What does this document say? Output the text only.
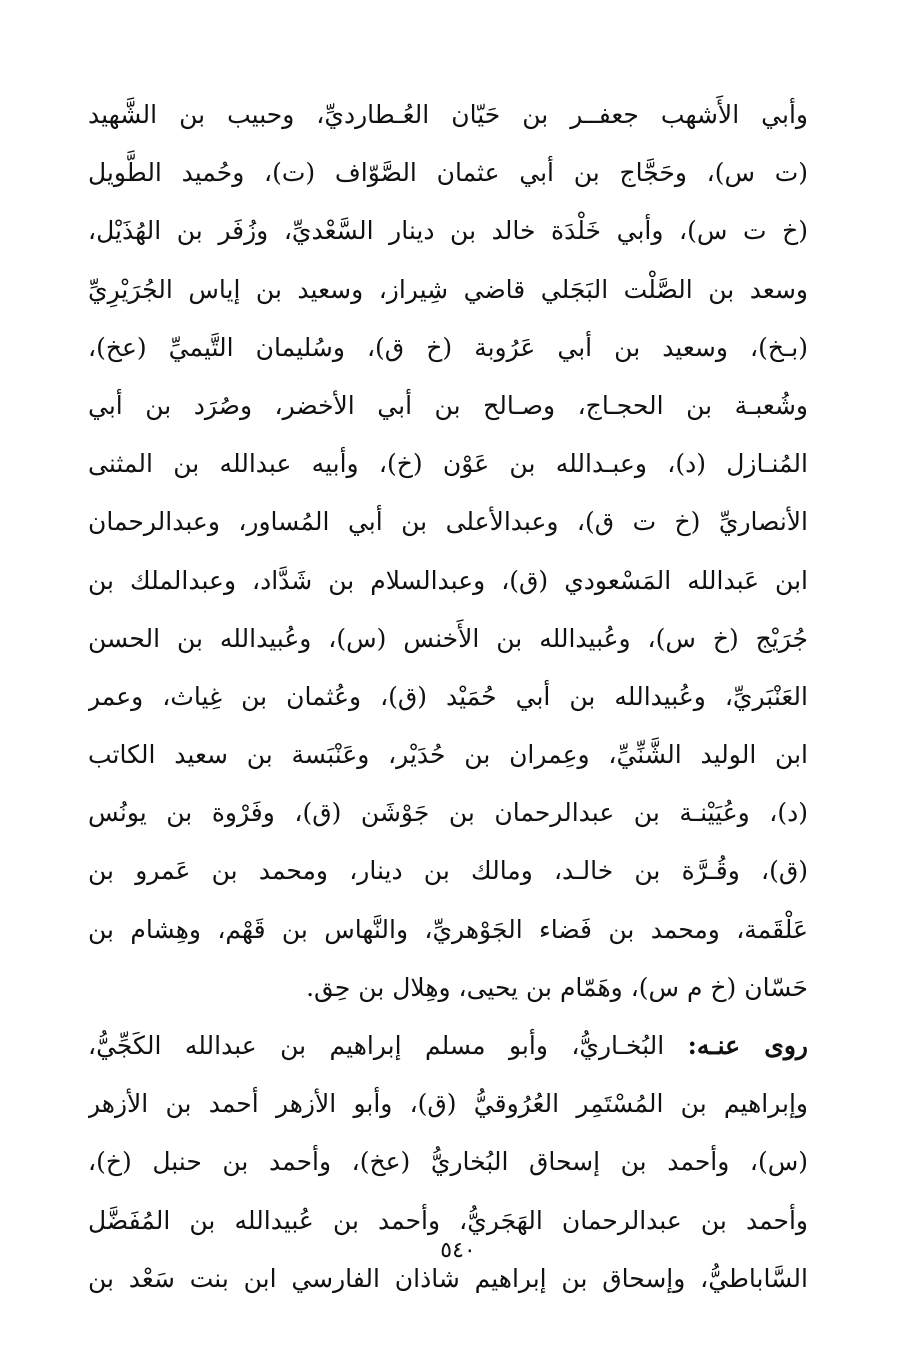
وأبي الأَشهب جعفــر بن حَيّان العُـطارديِّ، وحبيب بن الشَّهيد
(ت س)، وحَجَّاج بن أبي عثمان الصَّوّاف (ت)، وحُميد الطَّويل
(خ ت س)، وأبي خَلْدَة خالد بن دينار السَّعْديِّ، وزُفَر بن الهُذَيْل،
وسعد بن الصَّلْت البَجَلي قاضي شِيراز، وسعيد بن إياس الجُرَيْرِيِّ
(بـخ)، وسعيد بن أبي عَرُوبة (خ ق)، وسُليمان التَّيميِّ (عخ)،
وشُعبـة بن الحجـاج، وصـالح بن أبي الأخضر، وصُرَد بن أبي
المُنـازل (د)، وعبـدالله بن عَوْن (خ)، وأبيه عبدالله بن المثنى
الأنصاريِّ (خ ت ق)، وعبدالأعلى بن أبي المُساور، وعبدالرحمان
ابن عَبدالله المَسْعودي (ق)، وعبدالسلام بن شَدَّاد، وعبدالملك بن
جُرَيْج (خ س)، وعُبيدالله بن الأَخنس (س)، وعُبيدالله بن الحسن
العَنْبَريِّ، وعُبيدالله بن أبي حُمَيْد (ق)، وعُثمان بن غِياث، وعمر
ابن الوليد الشَّنِّيِّ، وعِمران بن حُدَيْر، وعَنْبَسة بن سعيد الكاتب
(د)، وعُيَيْنـة بن عبدالرحمان بن جَوْشَن (ق)، وفَرْوة بن يونُس
(ق)، وقُـرَّة بن خالـد، ومالك بن دينار، ومحمد بن عَمرو بن
عَلْقَمة، ومحمد بن فَضاء الجَوْهريِّ، والنَّهاس بن قَهْم، وهِشام بن
حَسّان (خ م س)، وهَمّام بن يحيى، وهِلال بن حِق.
روى عنـه: البُخـاريُّ، وأبو مسلم إبراهيم بن عبدالله الكَجِّيُّ،
وإبراهيم بن المُسْتَمِر العُرُوقيُّ (ق)، وأبو الأزهر أحمد بن الأزهر
(س)، وأحمد بن إسحاق البُخاريُّ (عخ)، وأحمد بن حنبل (خ)،
وأحمد بن عبدالرحمان الهَجَريُّ، وأحمد بن عُبيدالله بن المُفَضَّل
السَّاباطيُّ، وإسحاق بن إبراهيم شاذان الفارسي ابن بنت سَعْد بن
٥٤٠
